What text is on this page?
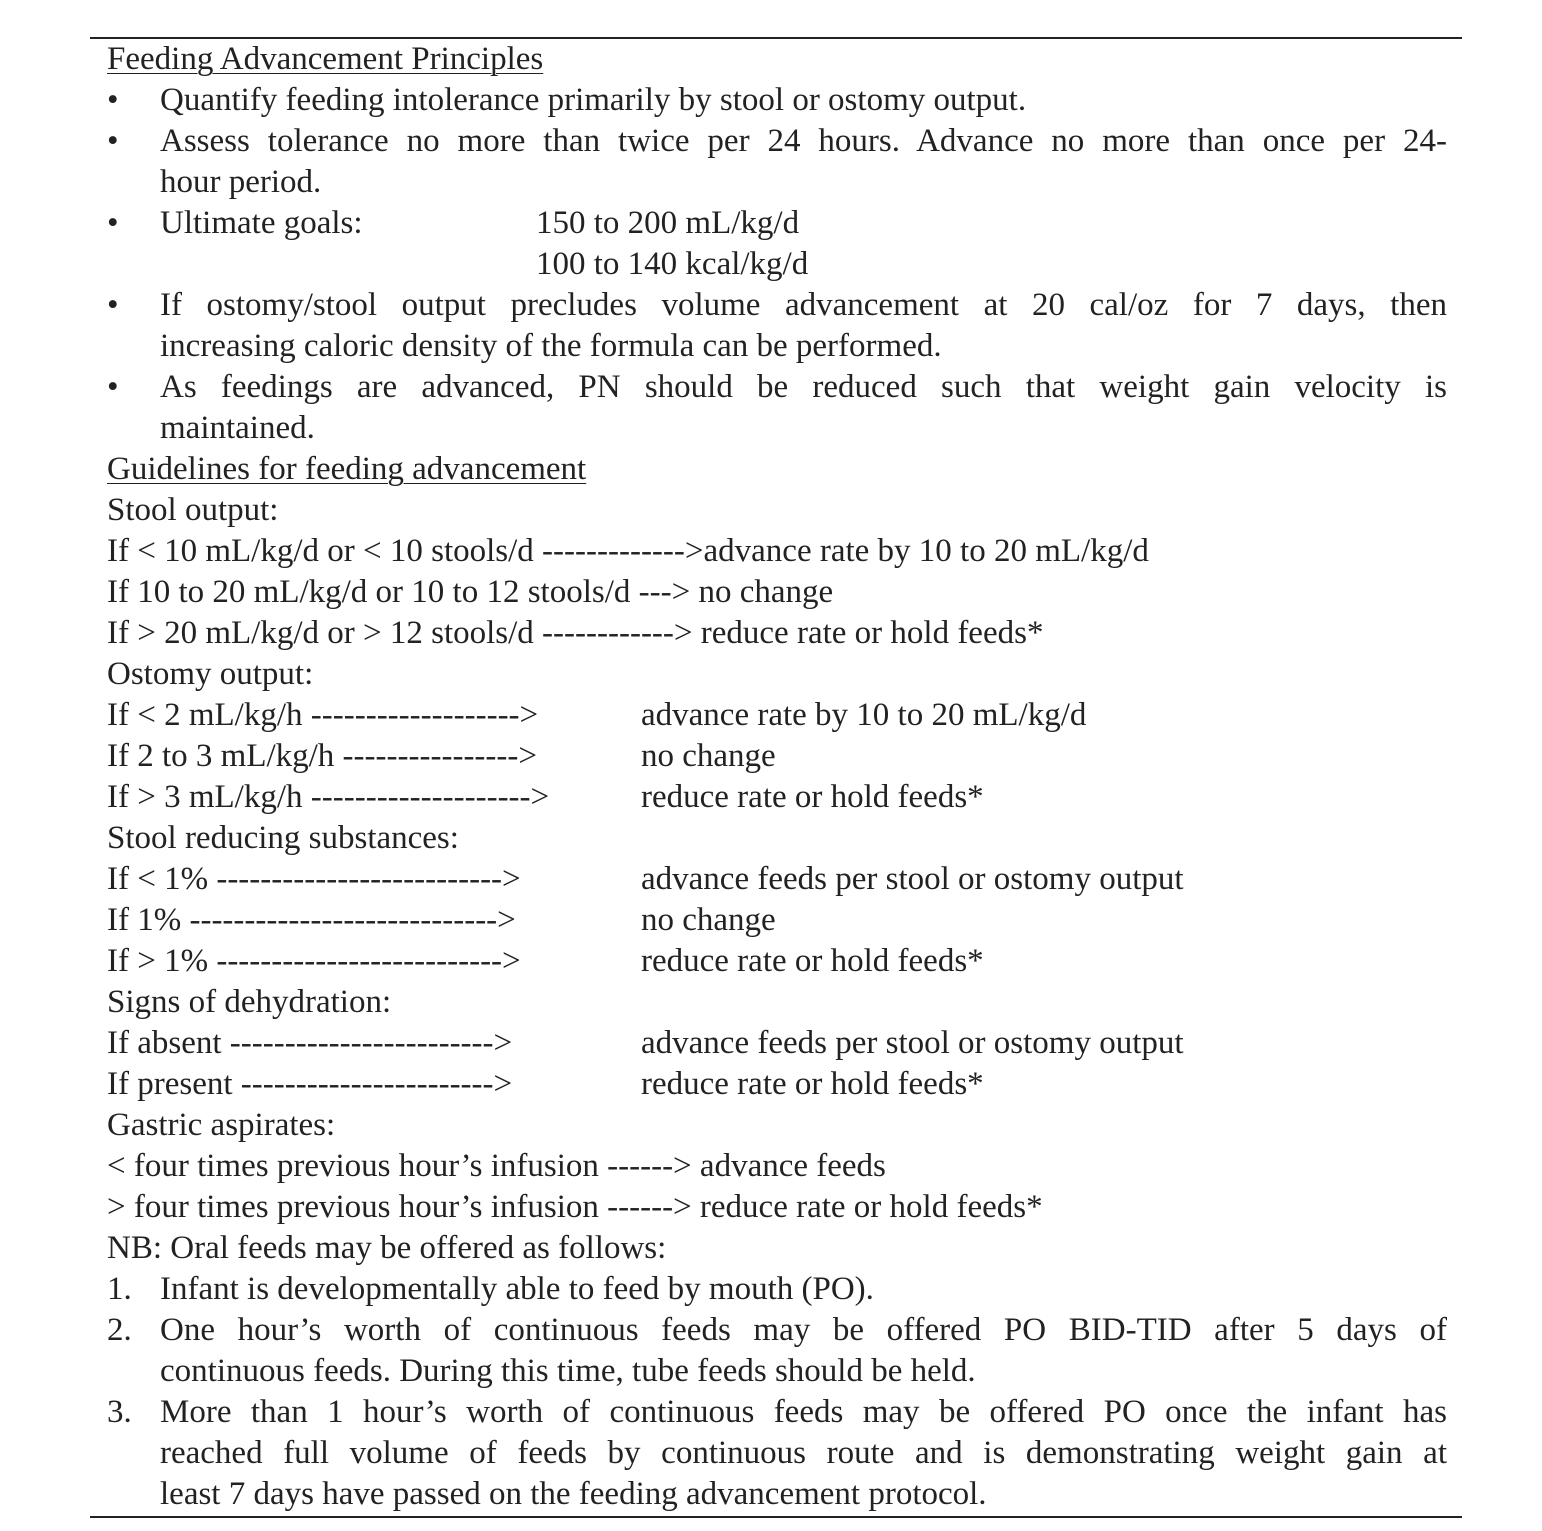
Feeding Advancement Principles
•	Quantify feeding intolerance primarily by stool or ostomy output.
•	Assess tolerance no more than twice per 24 hours. Advance no more than once per 24-
hour period.
•	Ultimate goals:	150 to 200 mL/kg/d
100 to 140 kcal/kg/d
•	If ostomy/stool output precludes volume advancement at 20 cal/oz for 7 days, then
increasing caloric density of the formula can be performed.
•	As feedings are advanced, PN should be reduced such that weight gain velocity is
maintained.
Guidelines for feeding advancement
Stool output:
If < 10 mL/kg/d or < 10 stools/d ------------->advance rate by 10 to 20 mL/kg/d
If 10 to 20 mL/kg/d or 10 to 12 stools/d ---> no change
If > 20 mL/kg/d or > 12 stools/d ------------> reduce rate or hold feeds*
Ostomy output:
If < 2 mL/kg/h ------------------->	advance rate by 10 to 20 mL/kg/d
If 2 to 3 mL/kg/h ---------------->	no change
If > 3 mL/kg/h -------------------->	reduce rate or hold feeds*
Stool reducing substances:
If < 1% -------------------------->	advance feeds per stool or ostomy output
If 1% ---------------------------->	no change
If > 1% -------------------------->	reduce rate or hold feeds*
Signs of dehydration:
If absent ------------------------>	advance feeds per stool or ostomy output
If present ----------------------->	reduce rate or hold feeds*
Gastric aspirates:
< four times previous hour’s infusion ------> advance feeds
> four times previous hour’s infusion ------> reduce rate or hold feeds*
NB: Oral feeds may be offered as follows:
1. Infant is developmentally able to feed by mouth (PO).
2. One hour’s worth of continuous feeds may be offered PO BID-TID after 5 days of
continuous feeds. During this time, tube feeds should be held.
3. More than 1 hour’s worth of continuous feeds may be offered PO once the infant has
reached full volume of feeds by continuous route and is demonstrating weight gain at
least 7 days have passed on the feeding advancement protocol.
